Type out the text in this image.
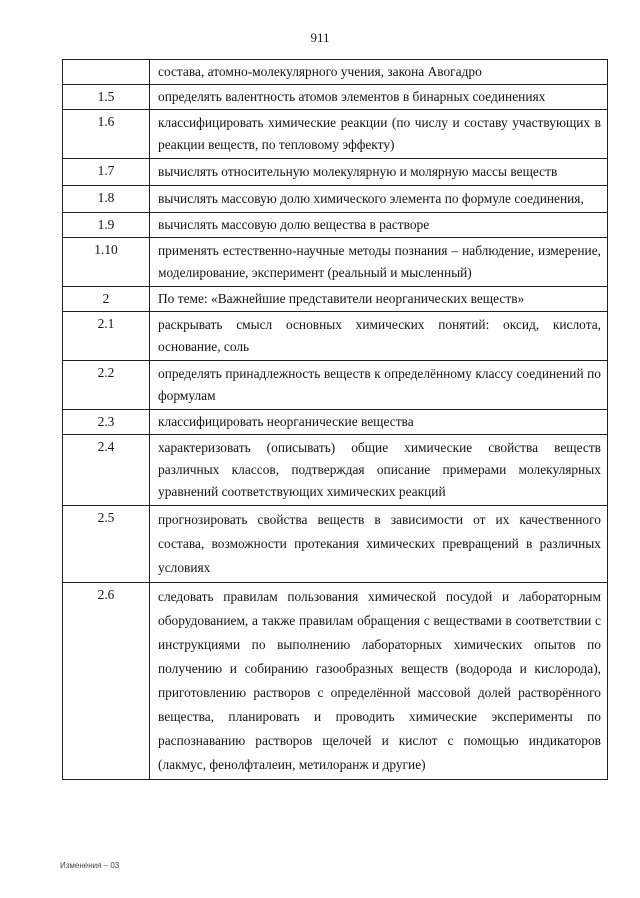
911
	состава, атомно-молекулярного учения, закона Авогадро
1.5	определять валентность атомов элементов в бинарных соединениях
1.6	классифицировать химические реакции (по числу и составу участвующих в реакции веществ, по тепловому эффекту)
1.7	вычислять относительную молекулярную и молярную массы веществ
1.8	вычислять массовую долю химического элемента по формуле соединения,
1.9	вычислять массовую долю вещества в растворе
1.10	применять естественно-научные методы познания – наблюдение, измерение, моделирование, эксперимент (реальный и мысленный)
2	По теме: «Важнейшие представители неорганических веществ»
2.1	раскрывать смысл основных химических понятий: оксид, кислота, основание, соль
2.2	определять принадлежность веществ к определённому классу соединений по формулам
2.3	классифицировать неорганические вещества
2.4	характеризовать (описывать) общие химические свойства веществ различных классов, подтверждая описание примерами молекулярных уравнений соответствующих химических реакций
2.5	прогнозировать свойства веществ в зависимости от их качественного состава, возможности протекания химических превращений в различных условиях
2.6	следовать правилам пользования химической посудой и лабораторным оборудованием, а также правилам обращения с веществами в соответствии с инструкциями по выполнению лабораторных химических опытов по получению и собиранию газообразных веществ (водорода и кислорода), приготовлению растворов с определённой массовой долей растворённого вещества, планировать и проводить химические эксперименты по распознаванию растворов щелочей и кислот с помощью индикаторов (лакмус, фенолфталеин, метилоранж и другие)
Изменения – 03
